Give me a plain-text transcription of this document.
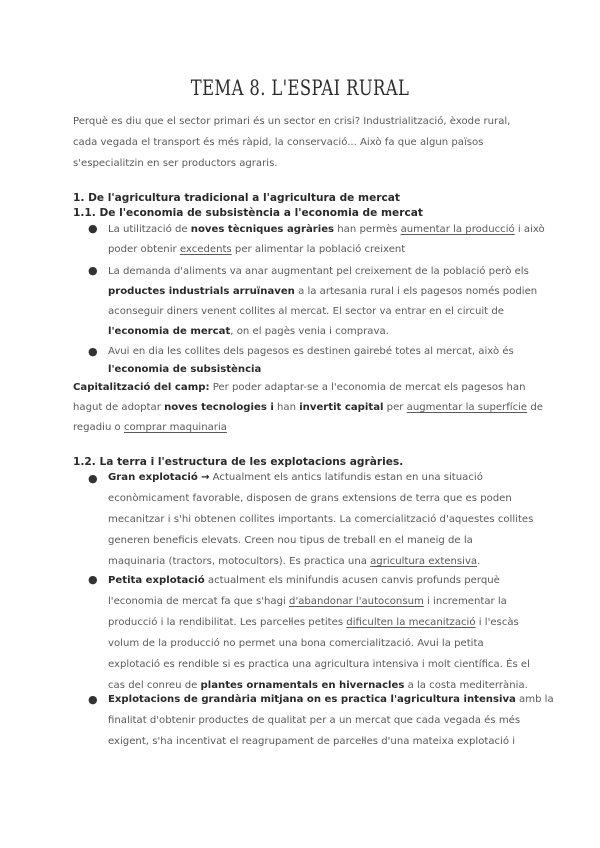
TEMA 8. L'ESPAI RURAL
Perquè es diu que el sector primari és un sector en crisi? Industrialització, èxode rural,
cada vegada el transport és més ràpid, la conservació... Això fa que algun països
s'especialitzin en ser productors agraris.
1. De l'agricultura tradicional a l'agricultura de mercat
1.1. De l'economia de subsistència a l'economia de mercat
● La utilització de noves tècniques agràries han permès aumentar la producció i això
poder obtenir excedents per alimentar la població creixent
● La demanda d'aliments va anar augmentant pel creixement de la població però els
productes industrials arruïnaven a la artesania rural i els pagesos només podien
aconseguir diners venent collites al mercat. El sector va entrar en el circuit de
l'economia de mercat, on el pagès venia i comprava.
● Avui en dia les collites dels pagesos es destinen gairebé totes al mercat, això és
l'economia de subsistència
Capitalització del camp: Per poder adaptar-se a l'economia de mercat els pagesos han
hagut de adoptar noves tecnologies i han invertit capital per augmentar la superfície de
regadiu o comprar maquinaria
1.2. La terra i l'estructura de les explotacions agràries.
● Gran explotació → Actualment els antics latifundis estan en una situació
econòmicament favorable, disposen de grans extensions de terra que es poden
mecanitzar i s'hi obtenen collites importants. La comercialització d'aquestes collites
generen beneficis elevats. Creen nou tipus de treball en el maneig de la
maquinaria (tractors, motocultors). Es practica una agricultura extensiva.
● Petita explotació actualment els minifundis acusen canvis profunds perquè
l'economia de mercat fa que s'hagi d'abandonar l'autoconsum i incrementar la
producció i la rendibilitat. Les parceŀles petites dificulten la mecanització i l'escàs
volum de la producció no permet una bona comercialització. Avui la petita
explotació es rendible si es practica una agricultura intensiva i molt científica. És el
cas del conreu de plantes ornamentals en hivernacles a la costa mediterrània.
● Explotacions de grandària mitjana on es practica l'agricultura intensiva amb la
finalitat d'obtenir productes de qualitat per a un mercat que cada vegada és més
exigent, s'ha incentivat el reagrupament de parceŀles d'una mateixa explotació i
